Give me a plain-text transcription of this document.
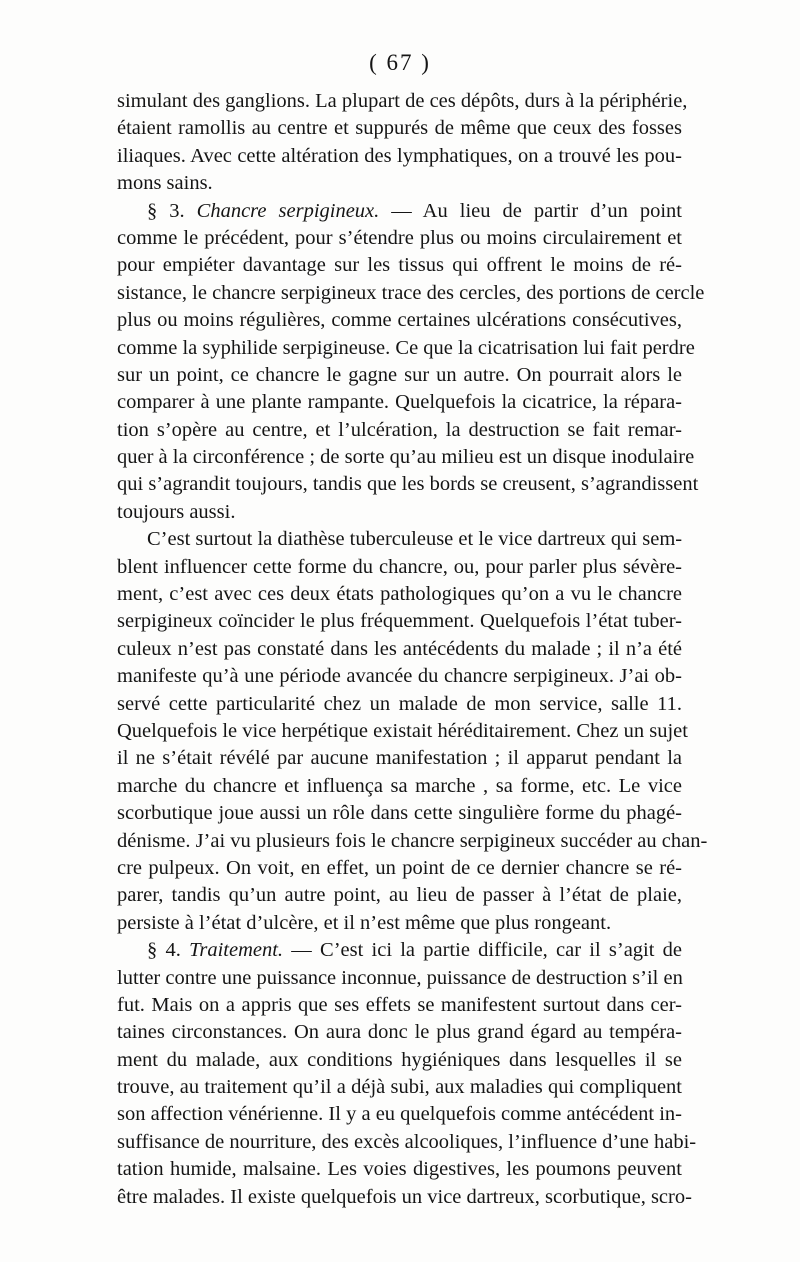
( 67 )
simulant des ganglions. La plupart de ces dépôts, durs à la périphérie,
étaient ramollis au centre et suppurés de même que ceux des fosses
iliaques. Avec cette altération des lymphatiques, on a trouvé les pou-
mons sains.
§ 3. Chancre serpigineux. — Au lieu de partir d’un point
comme le précédent, pour s’étendre plus ou moins circulairement et
pour empiéter davantage sur les tissus qui offrent le moins de ré-
sistance, le chancre serpigineux trace des cercles, des portions de cercle
plus ou moins régulières, comme certaines ulcérations consécutives,
comme la syphilide serpigineuse. Ce que la cicatrisation lui fait perdre
sur un point, ce chancre le gagne sur un autre. On pourrait alors le
comparer à une plante rampante. Quelquefois la cicatrice, la répara-
tion s’opère au centre, et l’ulcération, la destruction se fait remar-
quer à la circonférence ; de sorte qu’au milieu est un disque inodulaire
qui s’agrandit toujours, tandis que les bords se creusent, s’agrandissent
toujours aussi.
C’est surtout la diathèse tuberculeuse et le vice dartreux qui sem-
blent influencer cette forme du chancre, ou, pour parler plus sévère-
ment, c’est avec ces deux états pathologiques qu’on a vu le chancre
serpigineux coïncider le plus fréquemment. Quelquefois l’état tuber-
culeux n’est pas constaté dans les antécédents du malade ; il n’a été
manifeste qu’à une période avancée du chancre serpigineux. J’ai ob-
servé cette particularité chez un malade de mon service, salle 11.
Quelquefois le vice herpétique existait héréditairement. Chez un sujet
il ne s’était révélé par aucune manifestation ; il apparut pendant la
marche du chancre et influença sa marche , sa forme, etc. Le vice
scorbutique joue aussi un rôle dans cette singulière forme du phagé-
dénisme. J’ai vu plusieurs fois le chancre serpigineux succéder au chan-
cre pulpeux. On voit, en effet, un point de ce dernier chancre se ré-
parer, tandis qu’un autre point, au lieu de passer à l’état de plaie,
persiste à l’état d’ulcère, et il n’est même que plus rongeant.
§ 4. Traitement. — C’est ici la partie difficile, car il s’agit de
lutter contre une puissance inconnue, puissance de destruction s’il en
fut. Mais on a appris que ses effets se manifestent surtout dans cer-
taines circonstances. On aura donc le plus grand égard au tempéra-
ment du malade, aux conditions hygiéniques dans lesquelles il se
trouve, au traitement qu’il a déjà subi, aux maladies qui compliquent
son affection vénérienne. Il y a eu quelquefois comme antécédent in-
suffisance de nourriture, des excès alcooliques, l’influence d’une habi-
tation humide, malsaine. Les voies digestives, les poumons peuvent
être malades. Il existe quelquefois un vice dartreux, scorbutique, scro-
